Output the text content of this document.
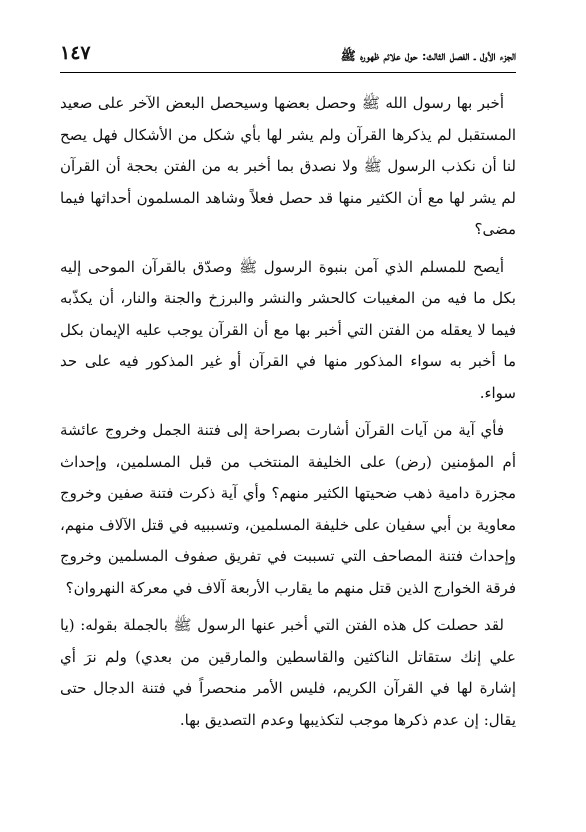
الجزء الأول ـ الفصل الثالث: حول علائم ظهوره ﷺ
١٤٧

أخبر بها رسول الله ﷺ وحصل بعضها وسيحصل البعض الآخر على صعيد المستقبل لم يذكرها القرآن ولم يشر لها بأي شكل من الأشكال فهل يصح لنا أن نكذب الرسول ﷺ ولا نصدق بما أخبر به من الفتن بحجة أن القرآن لم يشر لها مع أن الكثير منها قد حصل فعلاً وشاهد المسلمون أحداثها فيما مضى؟

أيصح للمسلم الذي آمن بنبوة الرسول ﷺ وصدّق بالقرآن الموحى إليه بكل ما فيه من المغيبات كالحشر والنشر والبرزخ والجنة والنار، أن يكذّبه فيما لا يعقله من الفتن التي أخبر بها مع أن القرآن يوجب عليه الإيمان بكل ما أخبر به سواء المذكور منها في القرآن أو غير المذكور فيه على حد سواء.

فأي آية من آيات القرآن أشارت بصراحة إلى فتنة الجمل وخروج عائشة أم المؤمنين (رض) على الخليفة المنتخب من قبل المسلمين، وإحداث مجزرة دامية ذهب ضحيتها الكثير منهم؟ وأي آية ذكرت فتنة صفين وخروج معاوية بن أبي سفيان على خليفة المسلمين، وتسببيه في قتل الآلاف منهم، وإحداث فتنة المصاحف التي تسببت في تفريق صفوف المسلمين وخروج فرقة الخوارج الذين قتل منهم ما يقارب الأربعة آلاف في معركة النهروان؟

لقد حصلت كل هذه الفتن التي أخبر عنها الرسول ﷺ بالجملة بقوله: (يا علي إنك ستقاتل الناكثين والقاسطين والمارقين من بعدي) ولم نرَ أي إشارة لها في القرآن الكريم، فليس الأمر منحصراً في فتنة الدجال حتى يقال: إن عدم ذكرها موجب لتكذيبها وعدم التصديق بها.
